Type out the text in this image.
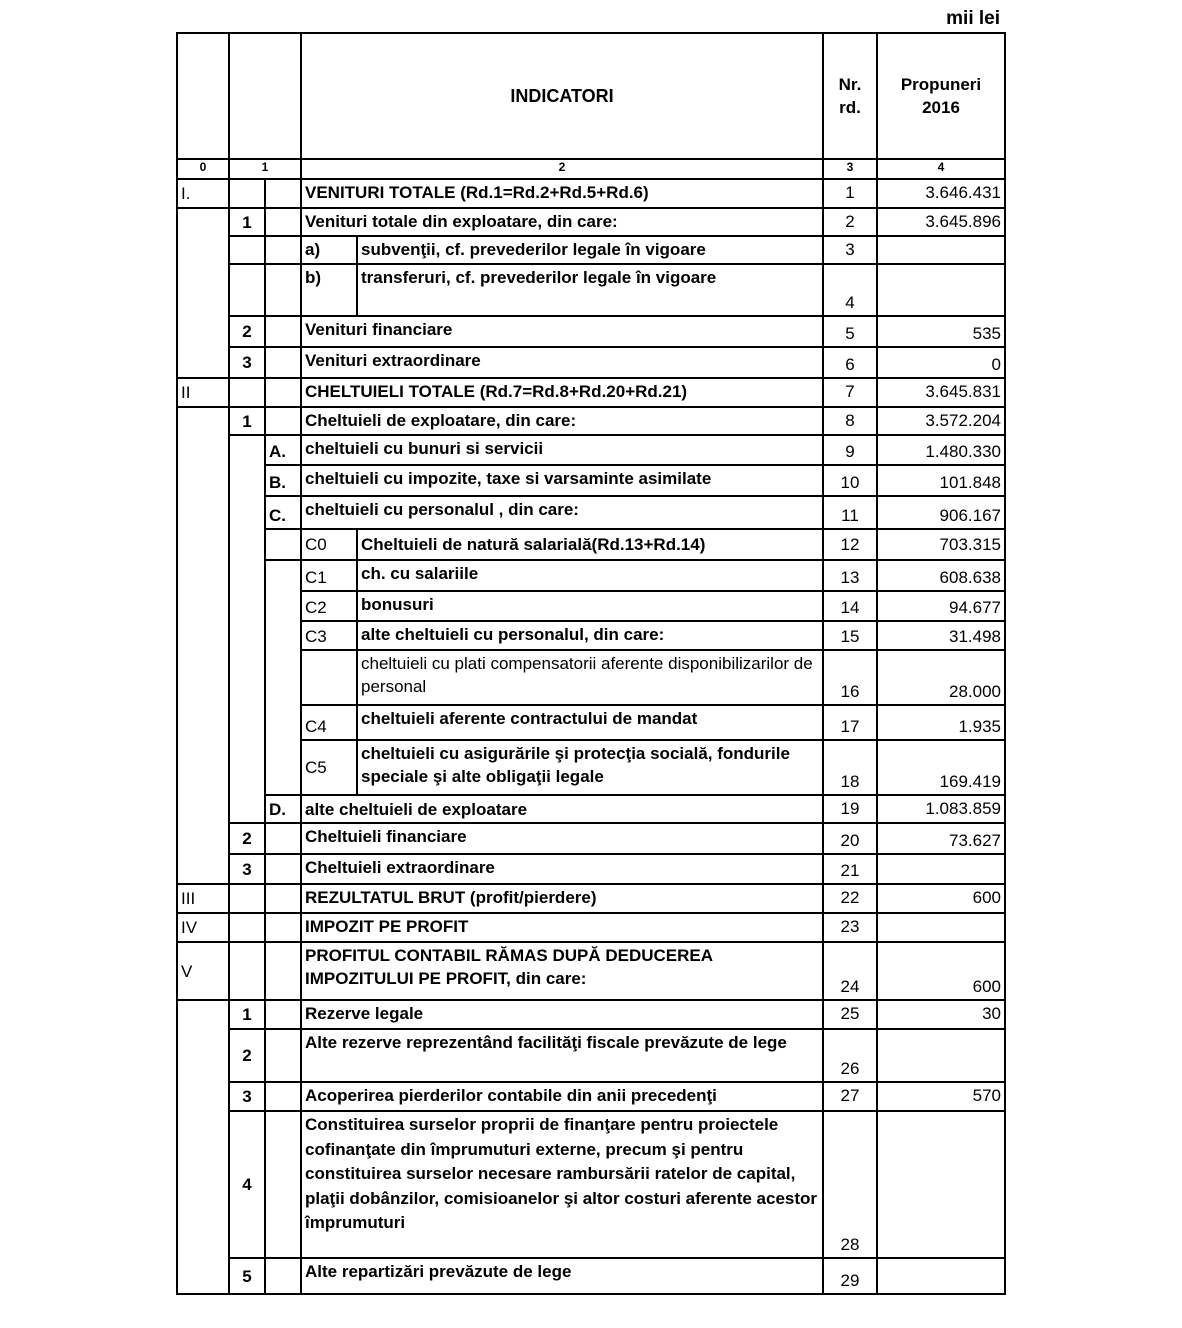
mii lei
			INDICATORI		Nr. rd.	Propuneri 2016
0	1		2		3	4
I.			VENITURI TOTALE (Rd.1=Rd.2+Rd.5+Rd.6)		1	3.646.431
	1		Venituri totale din exploatare, din care:		2	3.645.896
			a)	subvenţii, cf. prevederilor legale în vigoare	3	
			b)	transferuri, cf. prevederilor legale în vigoare	4	
	2		Venituri financiare		5	535
	3		Venituri extraordinare		6	0
II			CHELTUIELI TOTALE (Rd.7=Rd.8+Rd.20+Rd.21)		7	3.645.831
	1		Cheltuieli de exploatare, din care:		8	3.572.204
		A.	cheltuieli cu bunuri si servicii		9	1.480.330
		B.	cheltuieli cu impozite, taxe si varsaminte asimilate		10	101.848
		C.	cheltuieli cu personalul , din care:		11	906.167
			C0	Cheltuieli de natură salarială(Rd.13+Rd.14)	12	703.315
			C1	ch. cu salariile	13	608.638
			C2	bonusuri	14	94.677
			C3	alte cheltuieli cu personalul, din care:	15	31.498
				cheltuieli cu plati compensatorii aferente disponibilizarilor de personal	16	28.000
			C4	cheltuieli aferente contractului de mandat	17	1.935
			C5	cheltuieli cu asigurările şi protecţia socială, fondurile speciale şi alte obligaţii legale	18	169.419
		D.	alte cheltuieli de exploatare		19	1.083.859
	2		Cheltuieli financiare		20	73.627
	3		Cheltuieli extraordinare		21	
III			REZULTATUL BRUT (profit/pierdere)		22	600
IV			IMPOZIT PE PROFIT		23	
V			PROFITUL CONTABIL RĂMAS DUPĂ DEDUCEREA IMPOZITULUI PE PROFIT, din care:		24	600
	1		Rezerve legale		25	30
	2		Alte rezerve reprezentând facilităţi fiscale prevăzute de lege		26	
	3		Acoperirea pierderilor contabile din anii precedenţi		27	570
	4		Constituirea surselor proprii de finanţare pentru proiectele cofinanţate din împrumuturi externe, precum şi pentru constituirea surselor necesare rambursării ratelor de capital, plaţii dobânzilor, comisioanelor şi altor costuri aferente acestor împrumuturi		28	
	5		Alte repartizări prevăzute de lege		29	
